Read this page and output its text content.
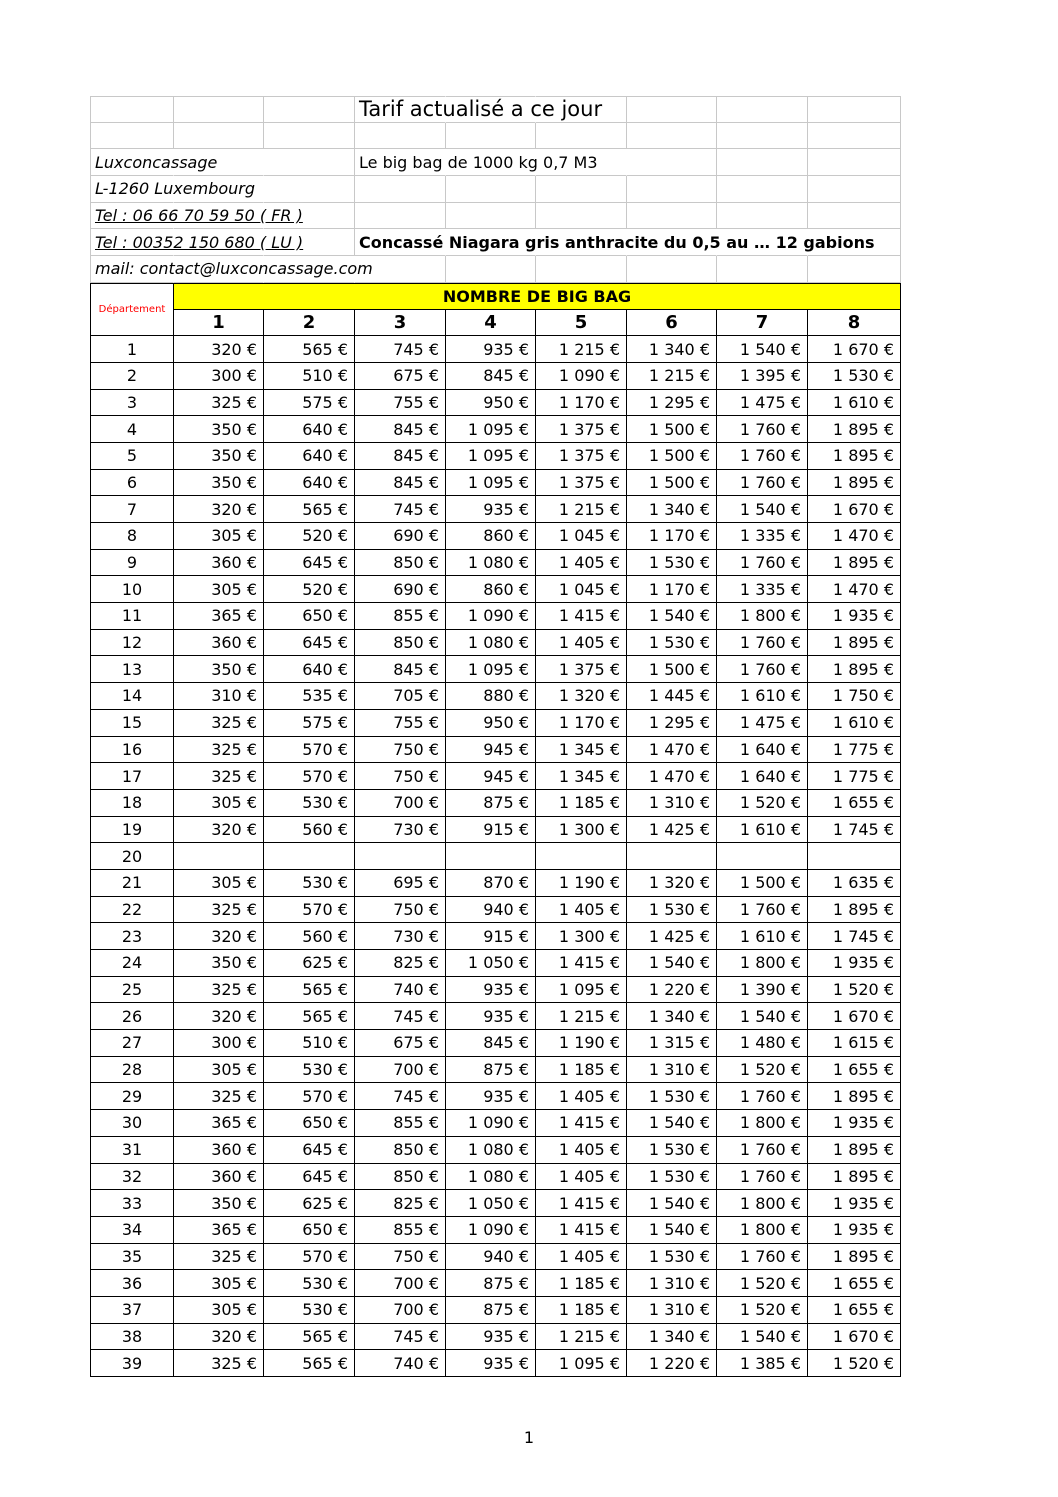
Tarif actualisé a ce jour
Luxconcassage	Le big bag de 1000 kg 0,7 M3
L-1260 Luxembourg
Tel : 06 66 70 59 50 ( FR )
Tel : 00352 150 680 ( LU )	Concassé Niagara gris anthracite du 0,5 au … 12 gabions
mail: contact@luxconcassage.com
Département
NOMBRE DE BIG BAG
1	2	3	4	5	6	7	8
1	320 €	565 €	745 €	935 €	1 215 €	1 340 €	1 540 €	1 670 €
2	300 €	510 €	675 €	845 €	1 090 €	1 215 €	1 395 €	1 530 €
3	325 €	575 €	755 €	950 €	1 170 €	1 295 €	1 475 €	1 610 €
4	350 €	640 €	845 €	1 095 €	1 375 €	1 500 €	1 760 €	1 895 €
5	350 €	640 €	845 €	1 095 €	1 375 €	1 500 €	1 760 €	1 895 €
6	350 €	640 €	845 €	1 095 €	1 375 €	1 500 €	1 760 €	1 895 €
7	320 €	565 €	745 €	935 €	1 215 €	1 340 €	1 540 €	1 670 €
8	305 €	520 €	690 €	860 €	1 045 €	1 170 €	1 335 €	1 470 €
9	360 €	645 €	850 €	1 080 €	1 405 €	1 530 €	1 760 €	1 895 €
10	305 €	520 €	690 €	860 €	1 045 €	1 170 €	1 335 €	1 470 €
11	365 €	650 €	855 €	1 090 €	1 415 €	1 540 €	1 800 €	1 935 €
12	360 €	645 €	850 €	1 080 €	1 405 €	1 530 €	1 760 €	1 895 €
13	350 €	640 €	845 €	1 095 €	1 375 €	1 500 €	1 760 €	1 895 €
14	310 €	535 €	705 €	880 €	1 320 €	1 445 €	1 610 €	1 750 €
15	325 €	575 €	755 €	950 €	1 170 €	1 295 €	1 475 €	1 610 €
16	325 €	570 €	750 €	945 €	1 345 €	1 470 €	1 640 €	1 775 €
17	325 €	570 €	750 €	945 €	1 345 €	1 470 €	1 640 €	1 775 €
18	305 €	530 €	700 €	875 €	1 185 €	1 310 €	1 520 €	1 655 €
19	320 €	560 €	730 €	915 €	1 300 €	1 425 €	1 610 €	1 745 €
20
21	305 €	530 €	695 €	870 €	1 190 €	1 320 €	1 500 €	1 635 €
22	325 €	570 €	750 €	940 €	1 405 €	1 530 €	1 760 €	1 895 €
23	320 €	560 €	730 €	915 €	1 300 €	1 425 €	1 610 €	1 745 €
24	350 €	625 €	825 €	1 050 €	1 415 €	1 540 €	1 800 €	1 935 €
25	325 €	565 €	740 €	935 €	1 095 €	1 220 €	1 390 €	1 520 €
26	320 €	565 €	745 €	935 €	1 215 €	1 340 €	1 540 €	1 670 €
27	300 €	510 €	675 €	845 €	1 190 €	1 315 €	1 480 €	1 615 €
28	305 €	530 €	700 €	875 €	1 185 €	1 310 €	1 520 €	1 655 €
29	325 €	570 €	745 €	935 €	1 405 €	1 530 €	1 760 €	1 895 €
30	365 €	650 €	855 €	1 090 €	1 415 €	1 540 €	1 800 €	1 935 €
31	360 €	645 €	850 €	1 080 €	1 405 €	1 530 €	1 760 €	1 895 €
32	360 €	645 €	850 €	1 080 €	1 405 €	1 530 €	1 760 €	1 895 €
33	350 €	625 €	825 €	1 050 €	1 415 €	1 540 €	1 800 €	1 935 €
34	365 €	650 €	855 €	1 090 €	1 415 €	1 540 €	1 800 €	1 935 €
35	325 €	570 €	750 €	940 €	1 405 €	1 530 €	1 760 €	1 895 €
36	305 €	530 €	700 €	875 €	1 185 €	1 310 €	1 520 €	1 655 €
37	305 €	530 €	700 €	875 €	1 185 €	1 310 €	1 520 €	1 655 €
38	320 €	565 €	745 €	935 €	1 215 €	1 340 €	1 540 €	1 670 €
39	325 €	565 €	740 €	935 €	1 095 €	1 220 €	1 385 €	1 520 €
1
